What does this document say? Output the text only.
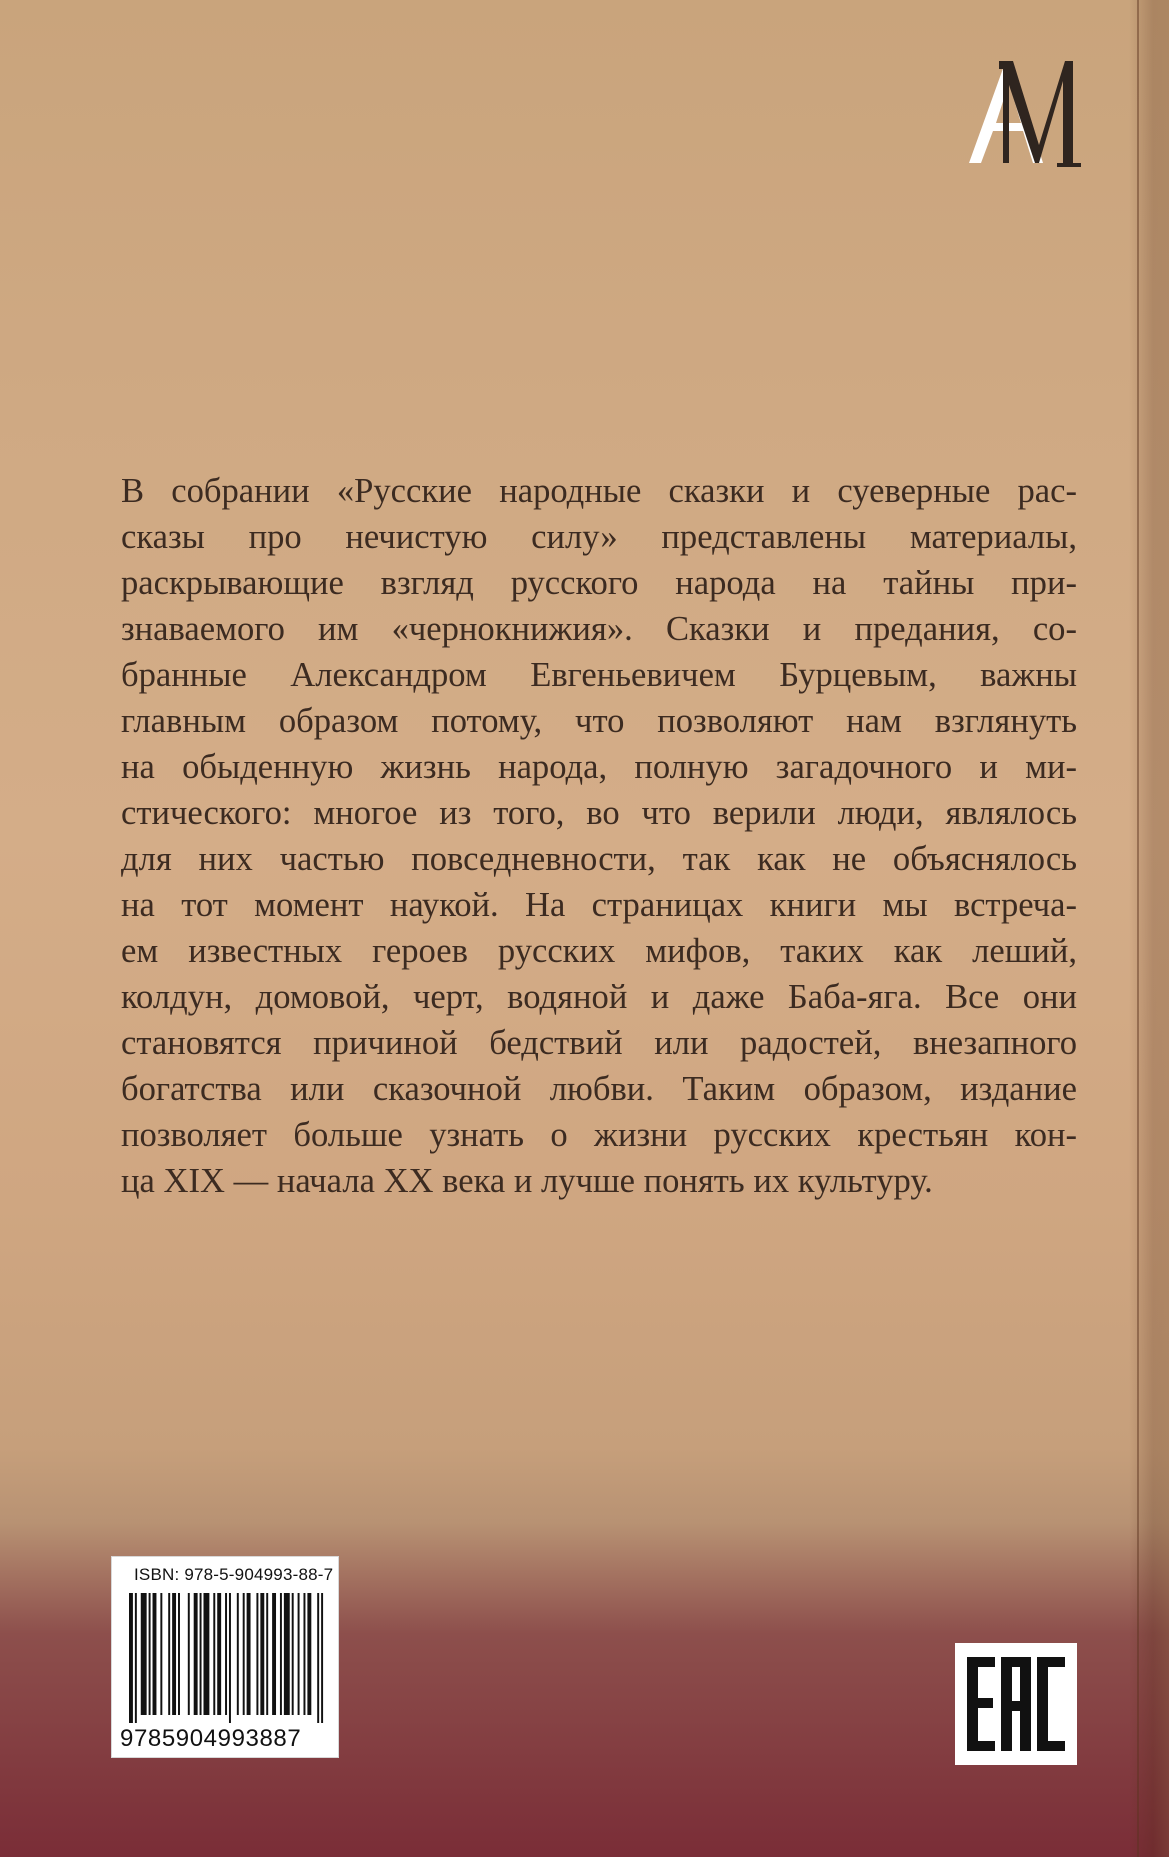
В собрании «Русские народные сказки и суеверные рас-
сказы про нечистую силу» представлены материалы,
раскрывающие взгляд русского народа на тайны при-
знаваемого им «чернокнижия». Сказки и предания, со-
бранные Александром Евгеньевичем Бурцевым, важны
главным образом потому, что позволяют нам взглянуть
на обыденную жизнь народа, полную загадочного и ми-
стического: многое из того, во что верили люди, являлось
для них частью повседневности, так как не объяснялось
на тот момент наукой. На страницах книги мы встреча-
ем известных героев русских мифов, таких как леший,
колдун, домовой, черт, водяной и даже Баба-яга. Все они
становятся причиной бедствий или радостей, внезапного
богатства или сказочной любви. Таким образом, издание
позволяет больше узнать о жизни русских крестьян кон-
ца XIX — начала XX века и лучше понять их культуру.
ISBN: 978-5-904993-88-7
9785904993887
